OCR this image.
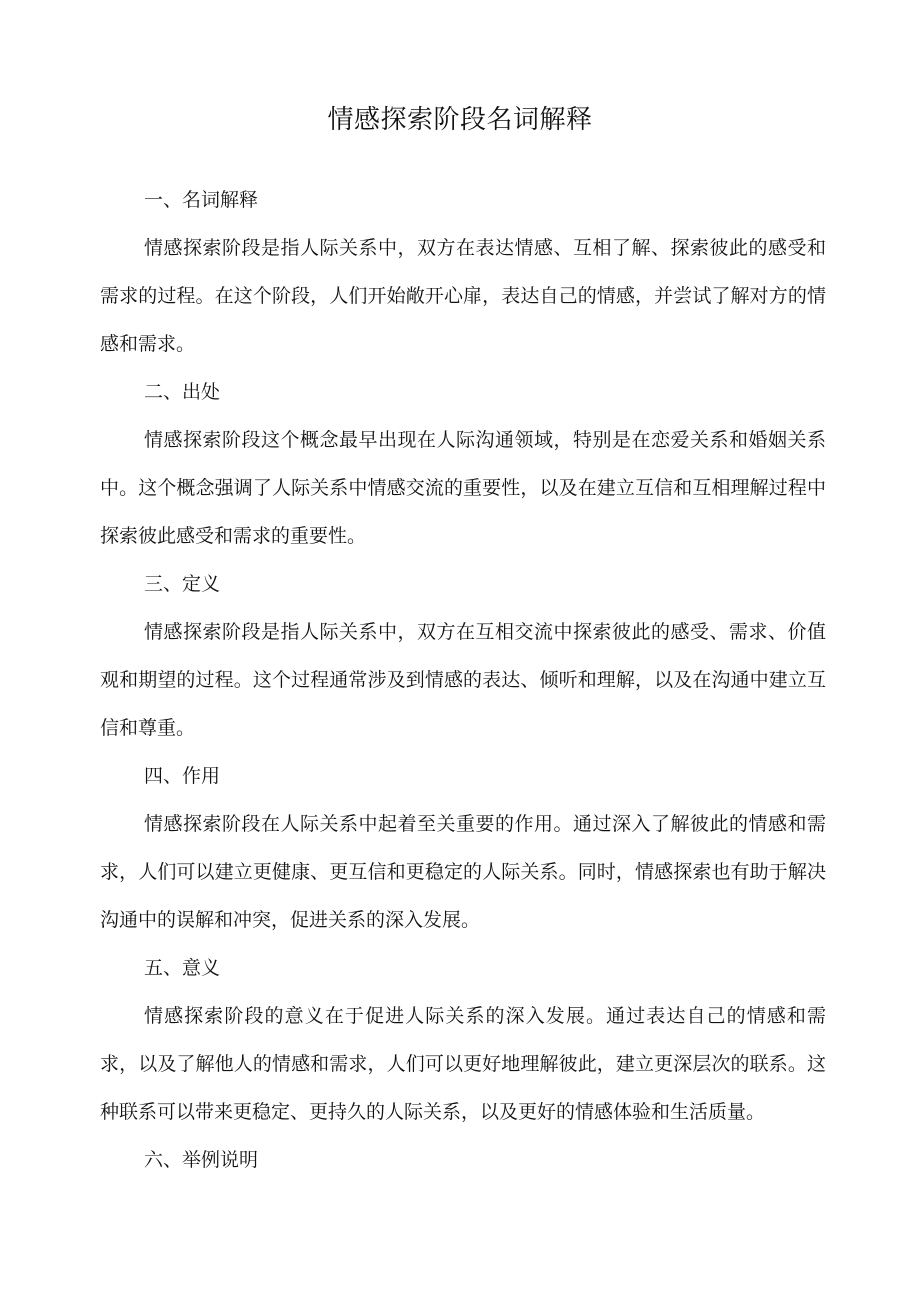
情感探索阶段名词解释
一、名词解释

情感探索阶段是指人际关系中，双方在表达情感、互相了解、探索彼此的感受和需求的过程。在这个阶段，人们开始敞开心扉，表达自己的情感，并尝试了解对方的情感和需求。

二、出处

情感探索阶段这个概念最早出现在人际沟通领域，特别是在恋爱关系和婚姻关系中。这个概念强调了人际关系中情感交流的重要性，以及在建立互信和互相理解过程中探索彼此感受和需求的重要性。

三、定义

情感探索阶段是指人际关系中，双方在互相交流中探索彼此的感受、需求、价值观和期望的过程。这个过程通常涉及到情感的表达、倾听和理解，以及在沟通中建立互信和尊重。

四、作用

情感探索阶段在人际关系中起着至关重要的作用。通过深入了解彼此的情感和需求，人们可以建立更健康、更互信和更稳定的人际关系。同时，情感探索也有助于解决沟通中的误解和冲突，促进关系的深入发展。

五、意义

情感探索阶段的意义在于促进人际关系的深入发展。通过表达自己的情感和需求，以及了解他人的情感和需求，人们可以更好地理解彼此，建立更深层次的联系。这种联系可以带来更稳定、更持久的人际关系，以及更好的情感体验和生活质量。

六、举例说明
